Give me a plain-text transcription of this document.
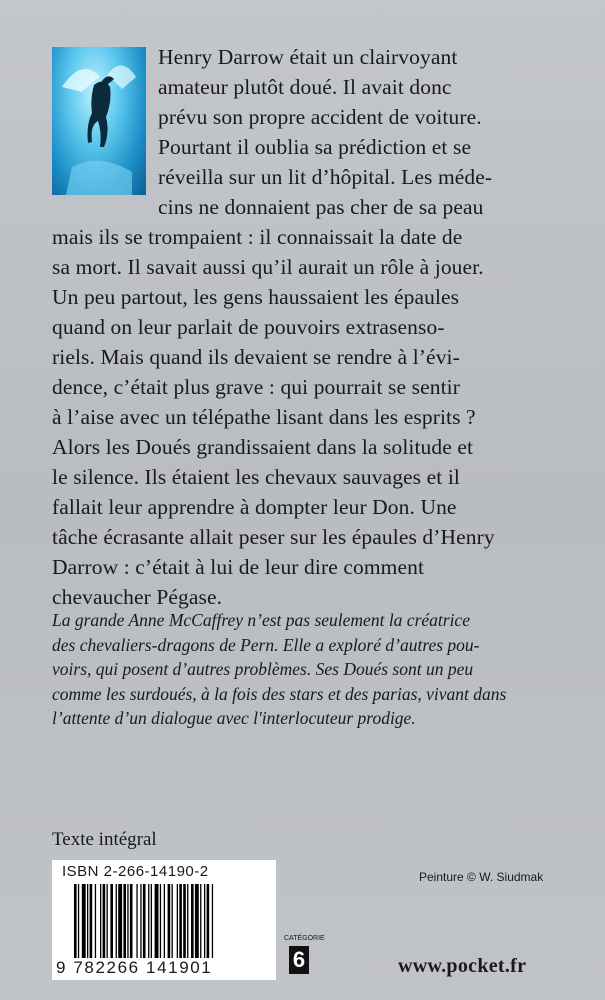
Henry Darrow était un clairvoyant
amateur plutôt doué. Il avait donc
prévu son propre accident de voiture.
Pourtant il oublia sa prédiction et se
réveilla sur un lit d’hôpital. Les méde-
cins ne donnaient pas cher de sa peau
mais ils se trompaient : il connaissait la date de
sa mort. Il savait aussi qu’il aurait un rôle à jouer.
Un peu partout, les gens haussaient les épaules
quand on leur parlait de pouvoirs extrasenso-
riels. Mais quand ils devaient se rendre à l’évi-
dence, c’était plus grave : qui pourrait se sentir
à l’aise avec un télépathe lisant dans les esprits ?
Alors les Doués grandissaient dans la solitude et
le silence. Ils étaient les chevaux sauvages et il
fallait leur apprendre à dompter leur Don. Une
tâche écrasante allait peser sur les épaules d’Henry
Darrow : c’était à lui de leur dire comment
chevaucher Pégase.
La grande Anne McCaffrey n’est pas seulement la créatrice
des chevaliers-dragons de Pern. Elle a exploré d’autres pou-
voirs, qui posent d’autres problèmes. Ses Doués sont un peu
comme les surdoués, à la fois des stars et des parias, vivant dans
l’attente d’un dialogue avec l'interlocuteur prodige.
Texte intégral
ISBN 2-266-14190-2
9 782266 141901
Peinture © W. Siudmak
CATÉGORIE
6	www.pocket.fr
